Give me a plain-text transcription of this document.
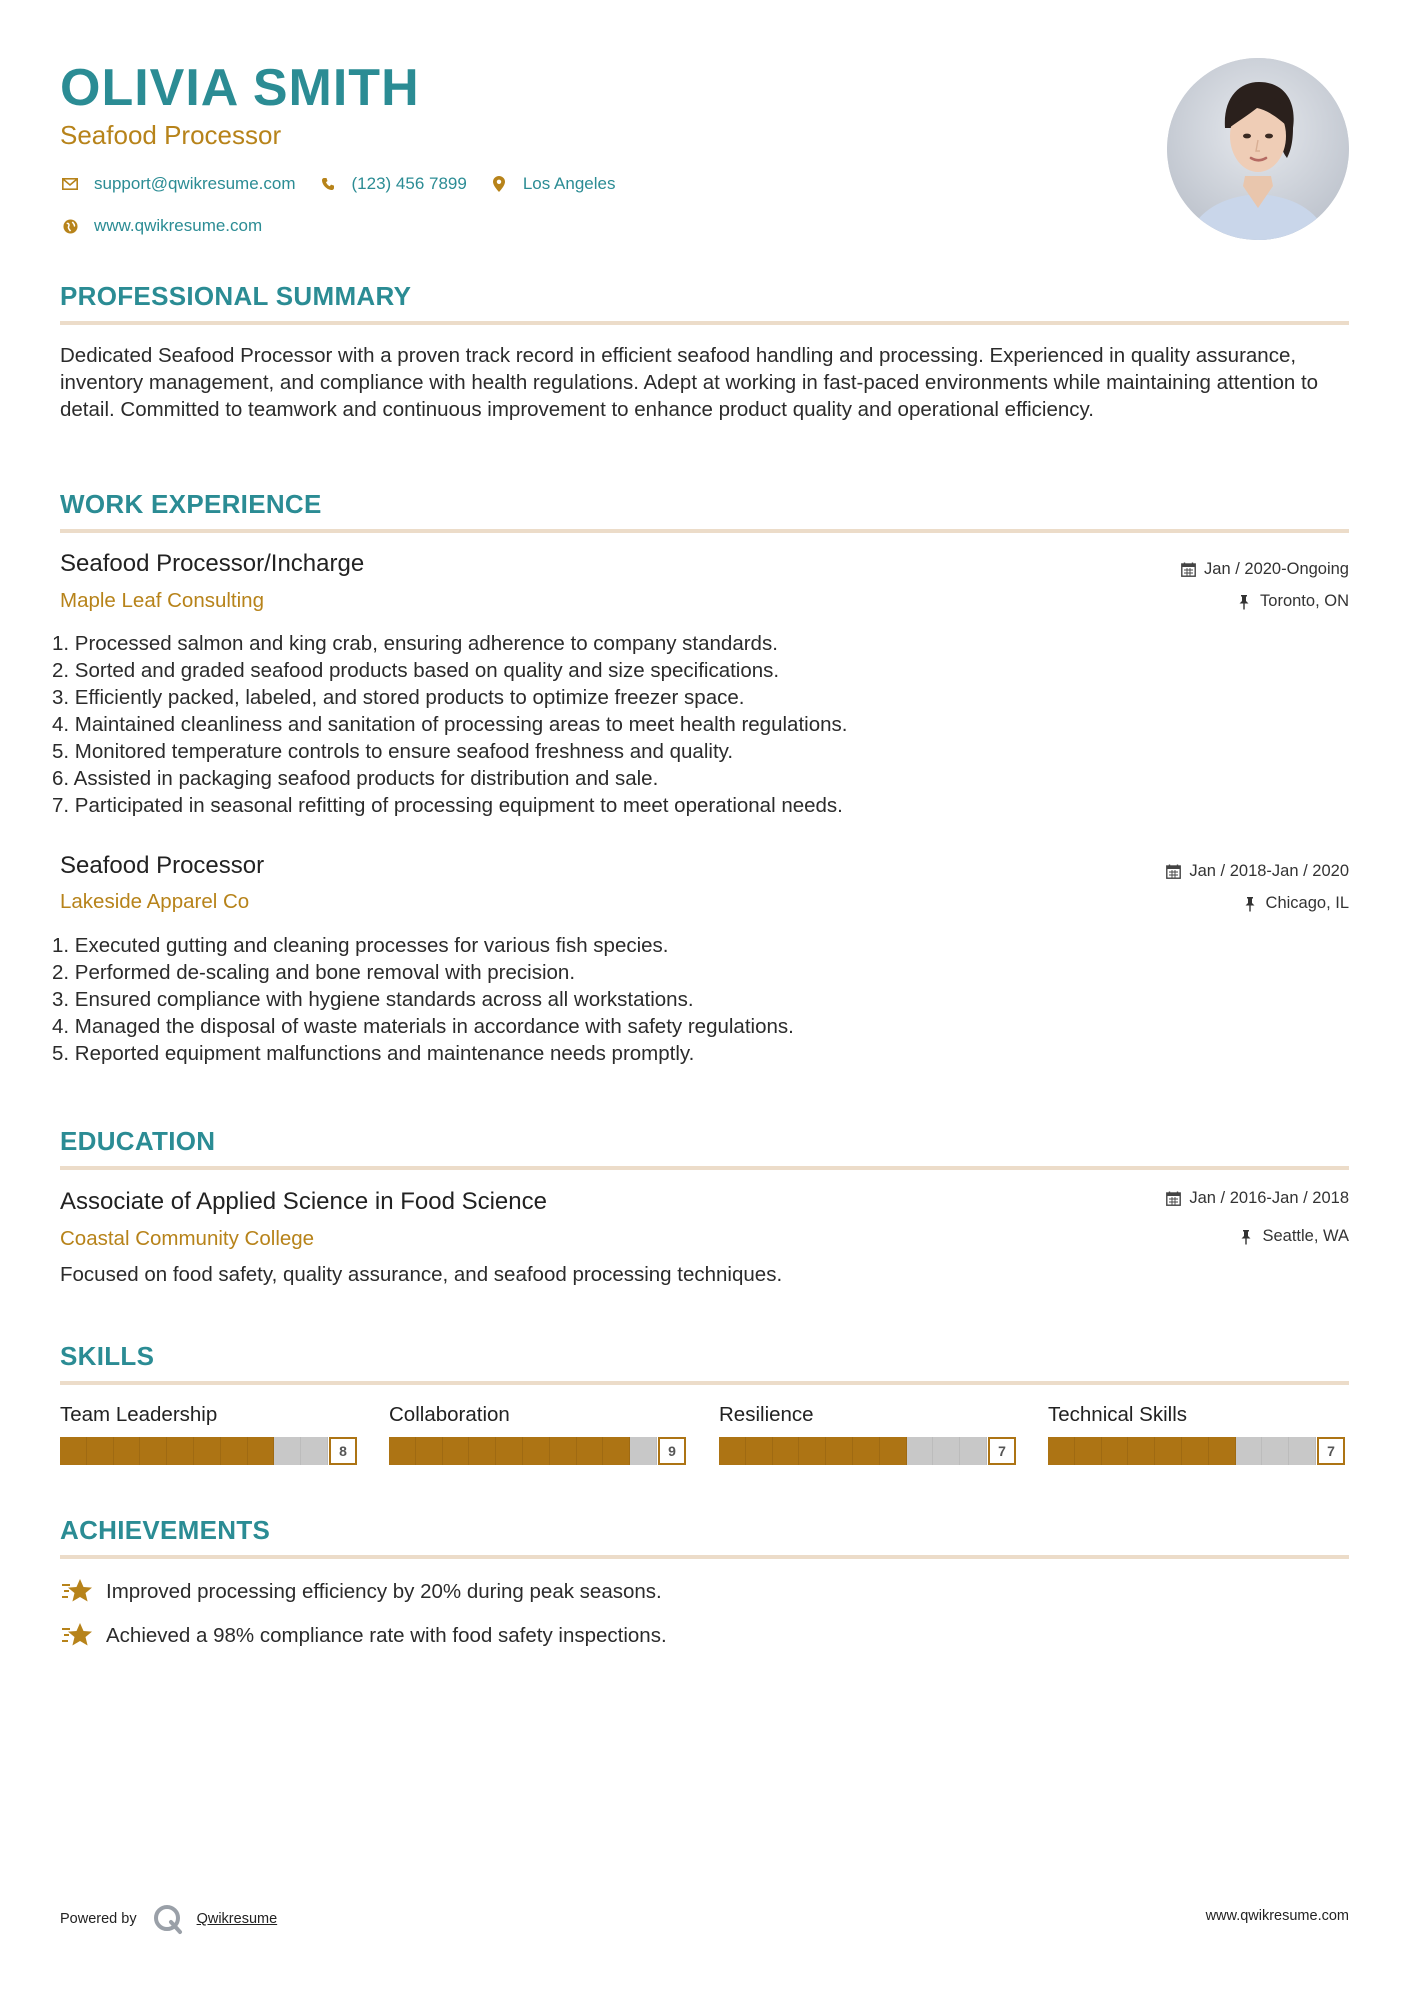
OLIVIA SMITH
Seafood Processor
support@qwikresume.com	(123) 456 7899	Los Angeles
www.qwikresume.com
PROFESSIONAL SUMMARY

Dedicated Seafood Processor with a proven track record in efficient seafood handling and processing. Experienced in quality assurance, inventory management, and compliance with health regulations. Adept at working in fast-paced environments while maintaining attention to detail. Committed to teamwork and continuous improvement to enhance product quality and operational efficiency.

WORK EXPERIENCE
Seafood Processor/Incharge
Maple Leaf Consulting
Jan / 2020-Ongoing
Toronto, ON
1. Processed salmon and king crab, ensuring adherence to company standards.
2. Sorted and graded seafood products based on quality and size specifications.
3. Efficiently packed, labeled, and stored products to optimize freezer space.
4. Maintained cleanliness and sanitation of processing areas to meet health regulations.
5. Monitored temperature controls to ensure seafood freshness and quality.
6. Assisted in packaging seafood products for distribution and sale.
7. Participated in seasonal refitting of processing equipment to meet operational needs.
Seafood Processor
Lakeside Apparel Co
Jan / 2018-Jan / 2020
Chicago, IL
1. Executed gutting and cleaning processes for various fish species.
2. Performed de-scaling and bone removal with precision.
3. Ensured compliance with hygiene standards across all workstations.
4. Managed the disposal of waste materials in accordance with safety regulations.
5. Reported equipment malfunctions and maintenance needs promptly.
EDUCATION
Associate of Applied Science in Food Science
Coastal Community College
Jan / 2016-Jan / 2018
Seattle, WA
Focused on food safety, quality assurance, and seafood processing techniques.
SKILLS
Team Leadership
8
Collaboration
9
Resilience
7
Technical Skills
7
ACHIEVEMENTS
Improved processing efficiency by 20% during peak seasons.
Achieved a 98% compliance rate with food safety inspections.
Powered by	Qwikresume	www.qwikresume.com
